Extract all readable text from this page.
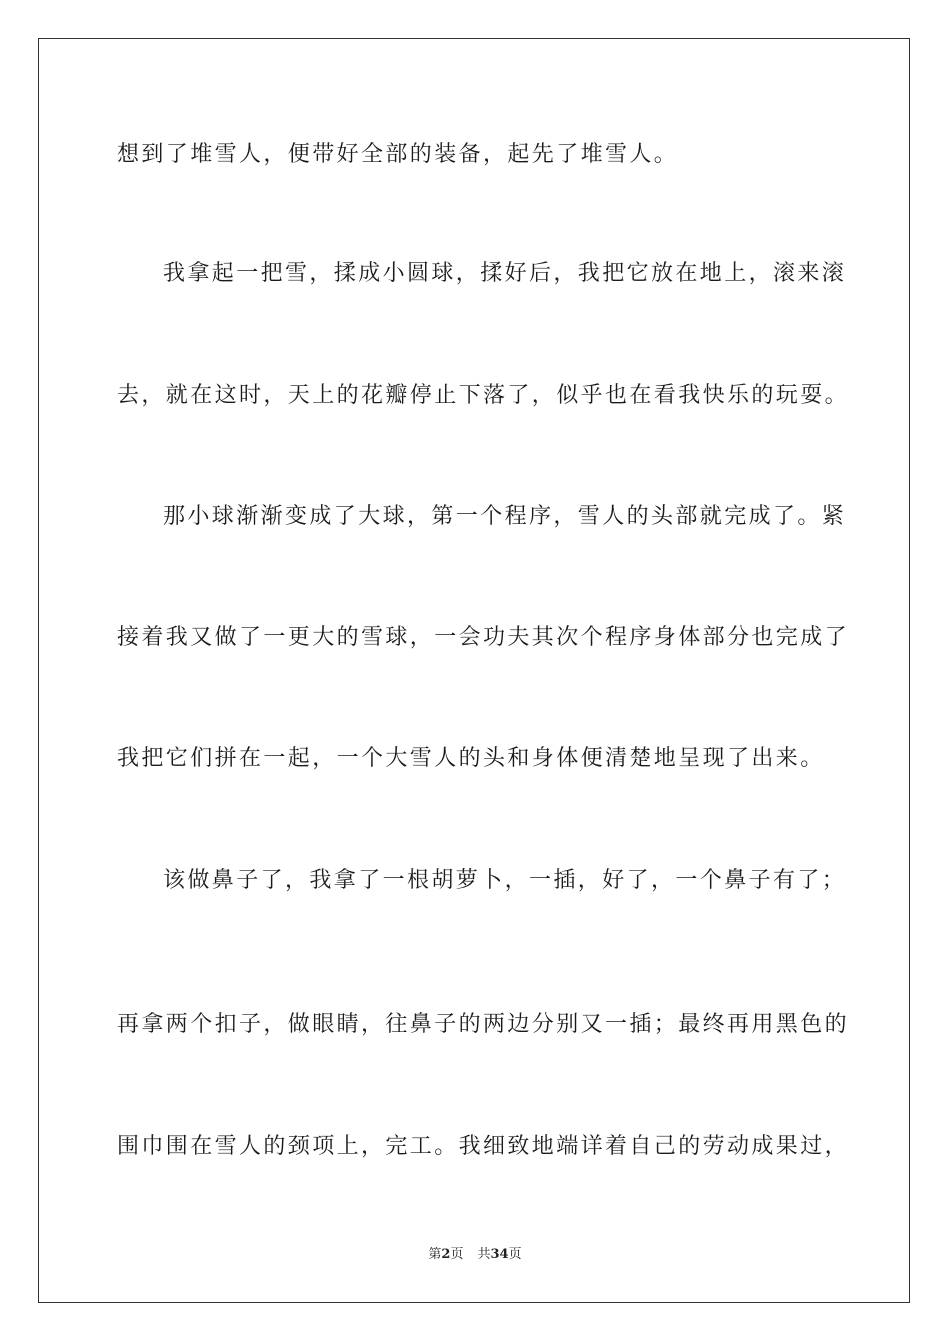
想到了堆雪人，便带好全部的装备，起先了堆雪人。
我拿起一把雪，揉成小圆球，揉好后，我把它放在地上，滚来滚
去，就在这时，天上的花瓣停止下落了，似乎也在看我快乐的玩耍。
那小球渐渐变成了大球，第一个程序，雪人的头部就完成了。紧
接着我又做了一更大的雪球，一会功夫其次个程序身体部分也完成了
我把它们拼在一起，一个大雪人的头和身体便清楚地呈现了出来。
该做鼻子了，我拿了一根胡萝卜，一插，好了，一个鼻子有了；
再拿两个扣子，做眼睛，往鼻子的两边分别又一插；最终再用黑色的
围巾围在雪人的颈项上，完工。我细致地端详着自己的劳动成果过，
第2页 共34页
